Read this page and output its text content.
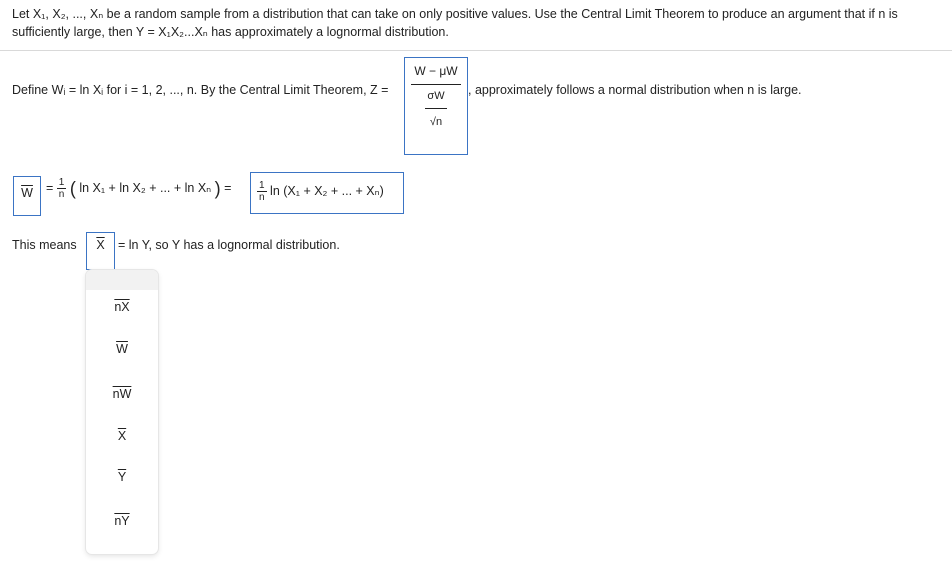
Let X₁, X₂, ..., Xₙ be a random sample from a distribution that can take on only positive values. Use the Central Limit Theorem to produce an argument that if n is
sufficiently large, then Y = X₁X₂...Xₙ has approximately a lognormal distribution.
Define Wᵢ = ln Xᵢ for i = 1, 2, ..., n. By the Central Limit Theorem, Z =
W − μW
σW
√n
, approximately follows a normal distribution when n is large.
$\overline{W}$	= $\frac{1}{n}$ ( ln X₁ + ln X₂ + ... + ln Xₙ ) =	$\frac{1}{n}$ ln (X₁ + X₂ + ... + Xₙ)
This means	$\overline{X}$	= ln Y, so Y has a lognormal distribution.
$\overline{nX}$
$\overline{W}$
$\overline{nW}$
$\overline{X}$
$\overline{Y}$
$\overline{nY}$
